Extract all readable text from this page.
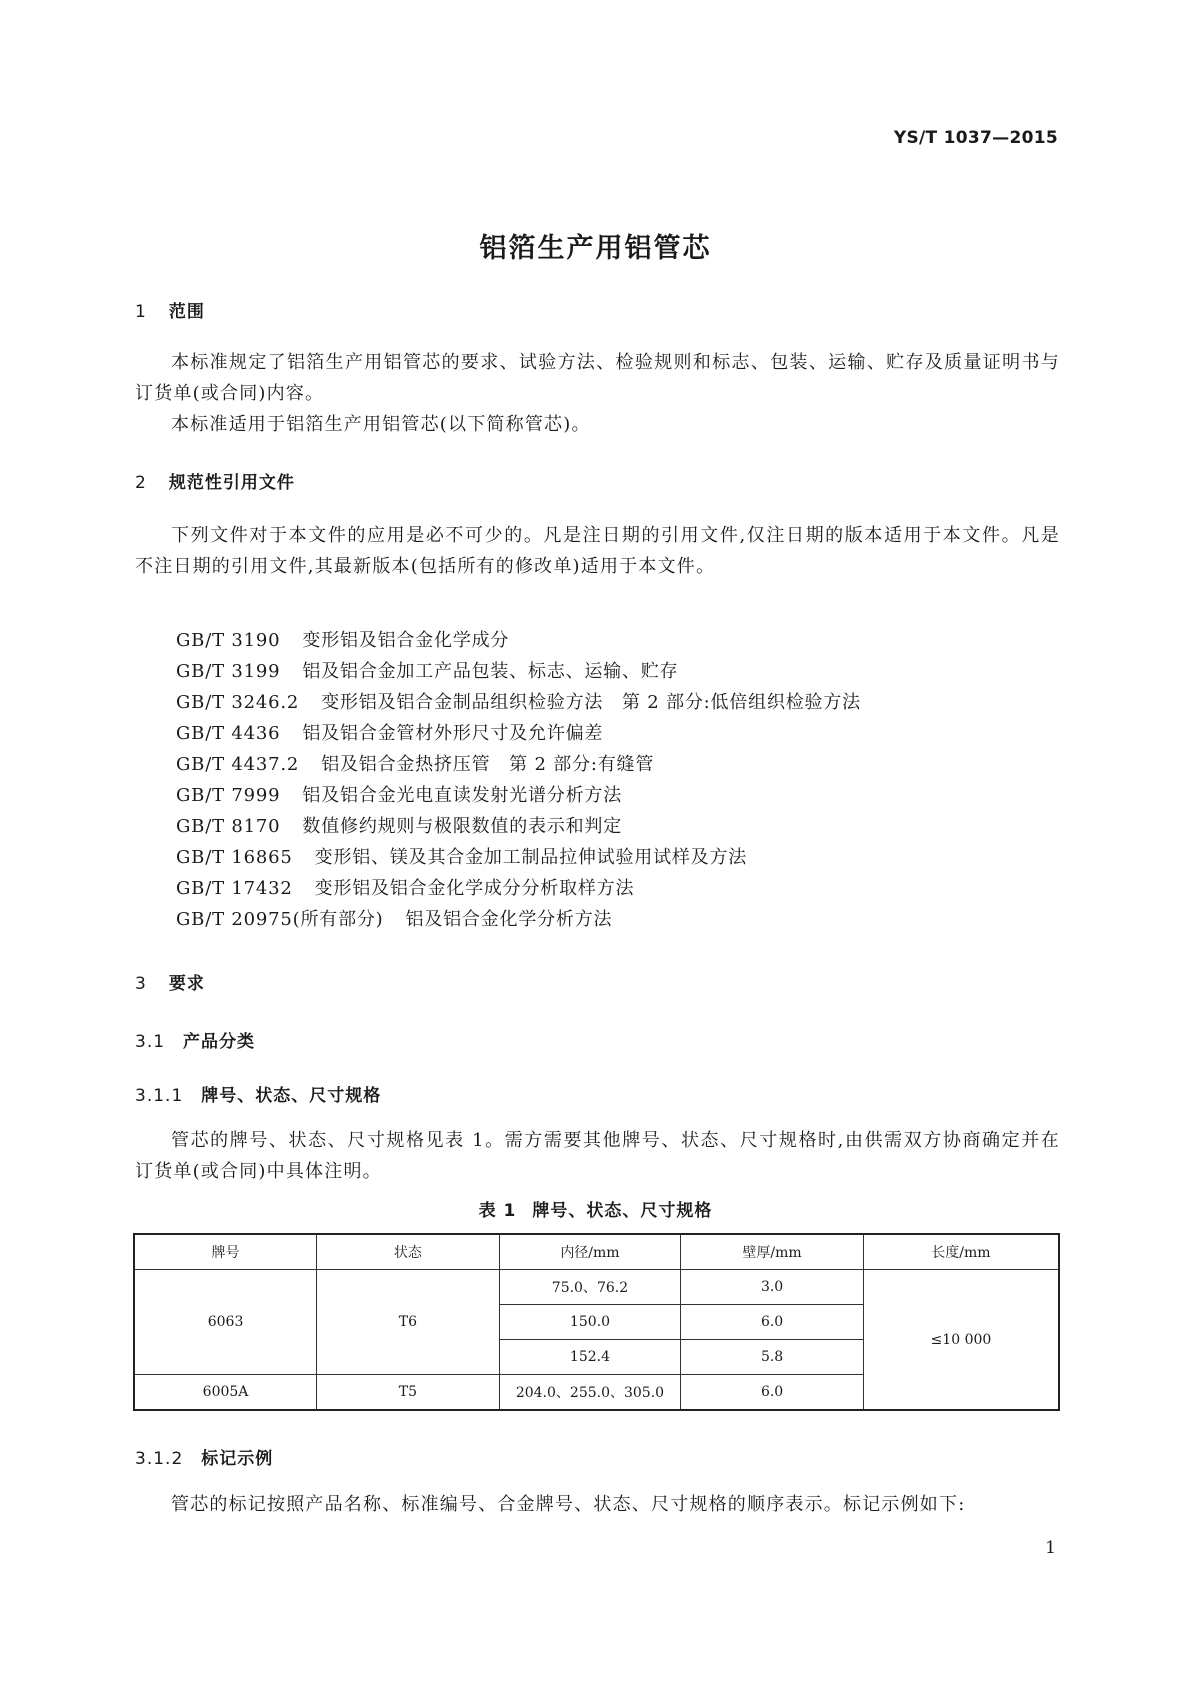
YS/T 1037—2015
铝箔生产用铝管芯
1 范围

本标准规定了铝箔生产用铝管芯的要求、试验方法、检验规则和标志、包装、运输、贮存及质量证明书与订货单(或合同)内容。

本标准适用于铝箔生产用铝管芯(以下简称管芯)。

2 规范性引用文件

下列文件对于本文件的应用是必不可少的。凡是注日期的引用文件,仅注日期的版本适用于本文件。凡是不注日期的引用文件,其最新版本(包括所有的修改单)适用于本文件。

GB/T 3190 变形铝及铝合金化学成分
GB/T 3199 铝及铝合金加工产品包装、标志、运输、贮存
GB/T 3246.2 变形铝及铝合金制品组织检验方法　第 2 部分:低倍组织检验方法
GB/T 4436 铝及铝合金管材外形尺寸及允许偏差
GB/T 4437.2 铝及铝合金热挤压管　第 2 部分:有缝管
GB/T 7999 铝及铝合金光电直读发射光谱分析方法
GB/T 8170 数值修约规则与极限数值的表示和判定
GB/T 16865 变形铝、镁及其合金加工制品拉伸试验用试样及方法
GB/T 17432 变形铝及铝合金化学成分分析取样方法
GB/T 20975(所有部分) 铝及铝合金化学分析方法
3 要求
3.1 产品分类
3.1.1 牌号、状态、尺寸规格

管芯的牌号、状态、尺寸规格见表 1。需方需要其他牌号、状态、尺寸规格时,由供需双方协商确定并在订货单(或合同)中具体注明。

表 1 牌号、状态、尺寸规格
牌号	状态	内径/mm	壁厚/mm	长度/mm
6063	T6	75.0、76.2	3.0	≤10 000
		150.0	6.0	
		152.4	5.8	
6005A	T5	204.0、255.0、305.0	6.0	
3.1.2 标记示例

管芯的标记按照产品名称、标准编号、合金牌号、状态、尺寸规格的顺序表示。标记示例如下:

1
